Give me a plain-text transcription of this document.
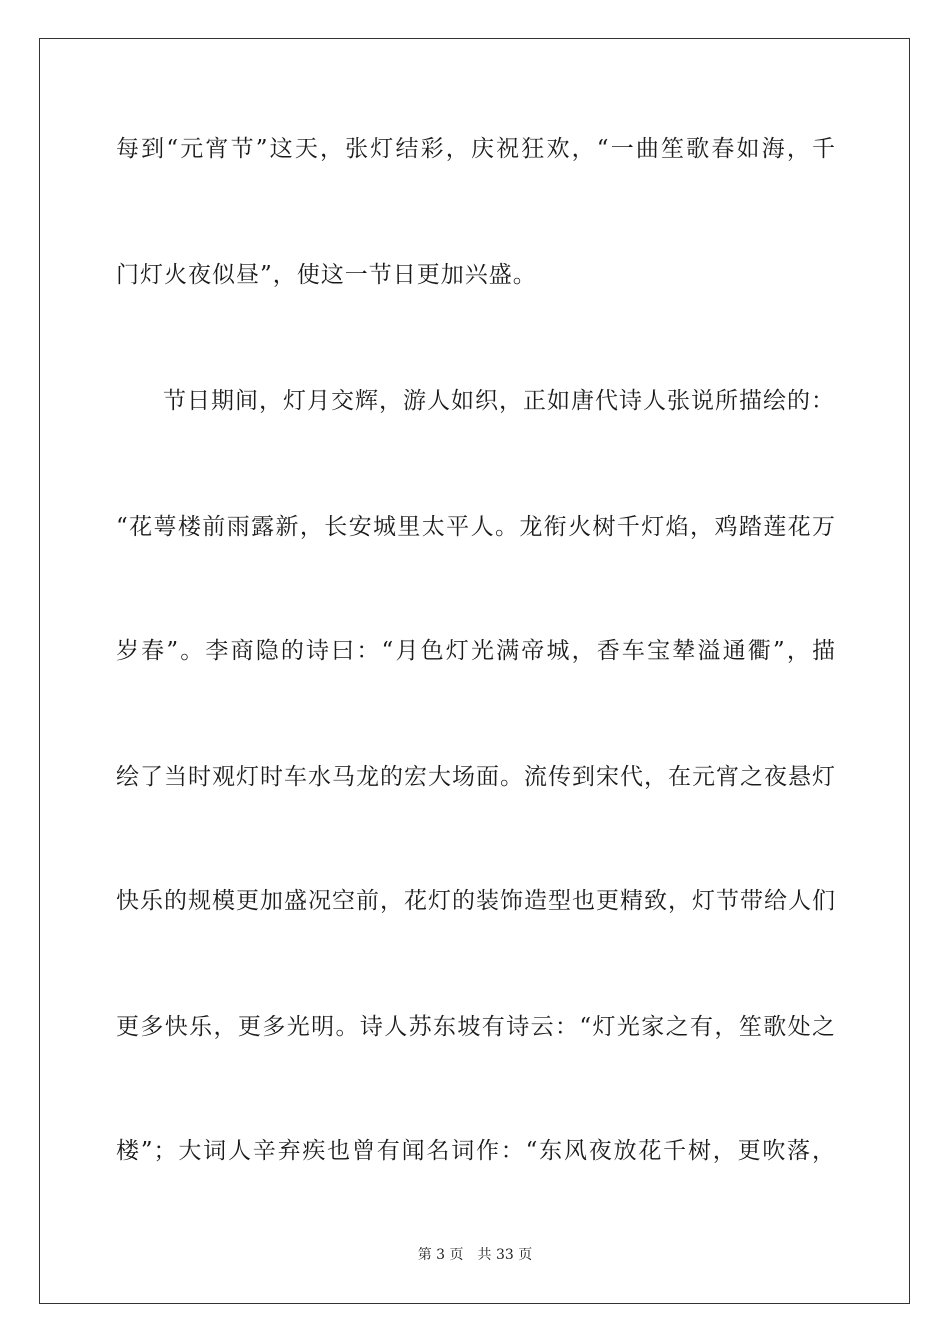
每到“元宵节”这天，张灯结彩，庆祝狂欢，“一曲笙歌春如海，千
门灯火夜似昼”，使这一节日更加兴盛。
节日期间，灯月交辉，游人如织，正如唐代诗人张说所描绘的：
“花萼楼前雨露新，长安城里太平人。龙衔火树千灯焰，鸡踏莲花万
岁春”。李商隐的诗曰：“月色灯光满帝城，香车宝辇溢通衢”，描
绘了当时观灯时车水马龙的宏大场面。流传到宋代，在元宵之夜悬灯
快乐的规模更加盛况空前，花灯的装饰造型也更精致，灯节带给人们
更多快乐，更多光明。诗人苏东坡有诗云：“灯光家之有，笙歌处之
楼”；大词人辛弃疾也曾有闻名词作：“东风夜放花千树，更吹落，
第 3 页 共 33 页
